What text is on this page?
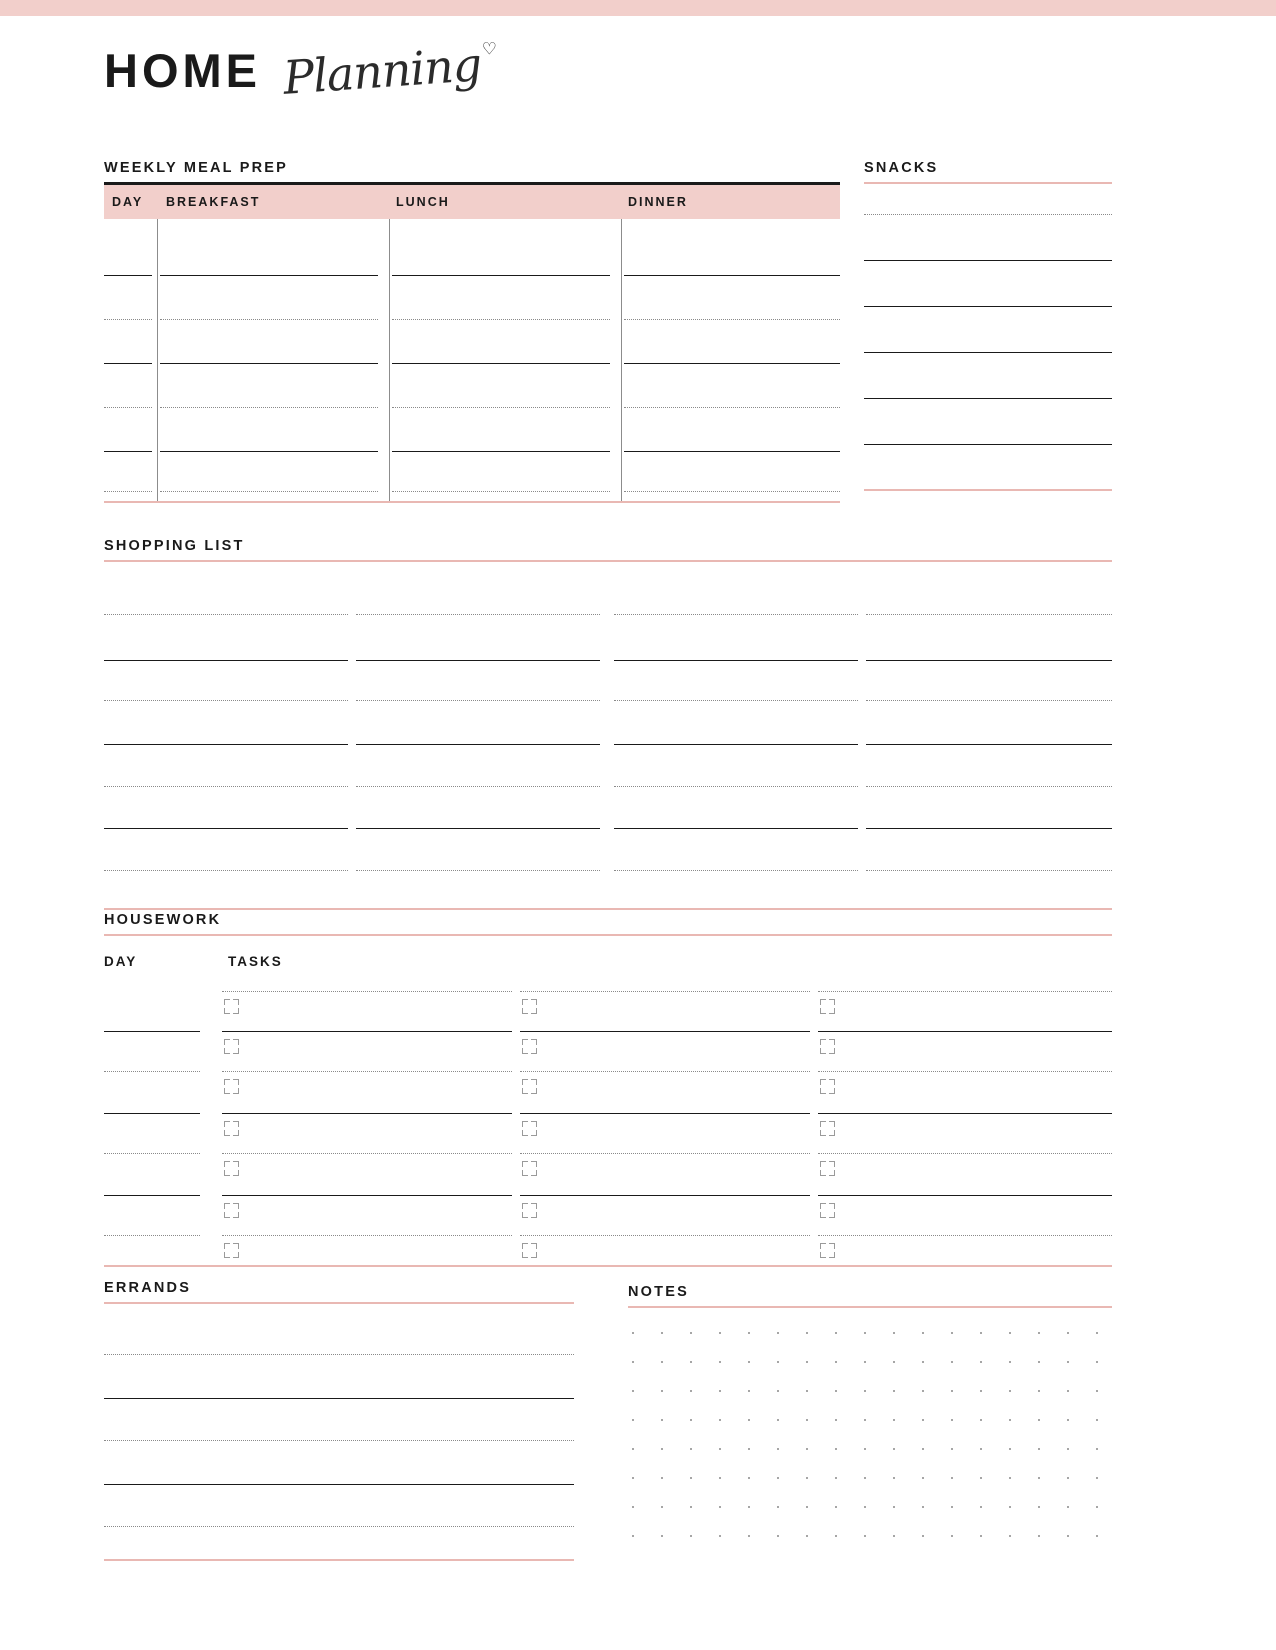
HOME Planning
♡
WEEKLY MEAL PREP
DAY	BREAKFAST	LUNCH	DINNER
SNACKS
SHOPPING LIST
HOUSEWORK
DAY	TASKS
ERRANDS	NOTES
